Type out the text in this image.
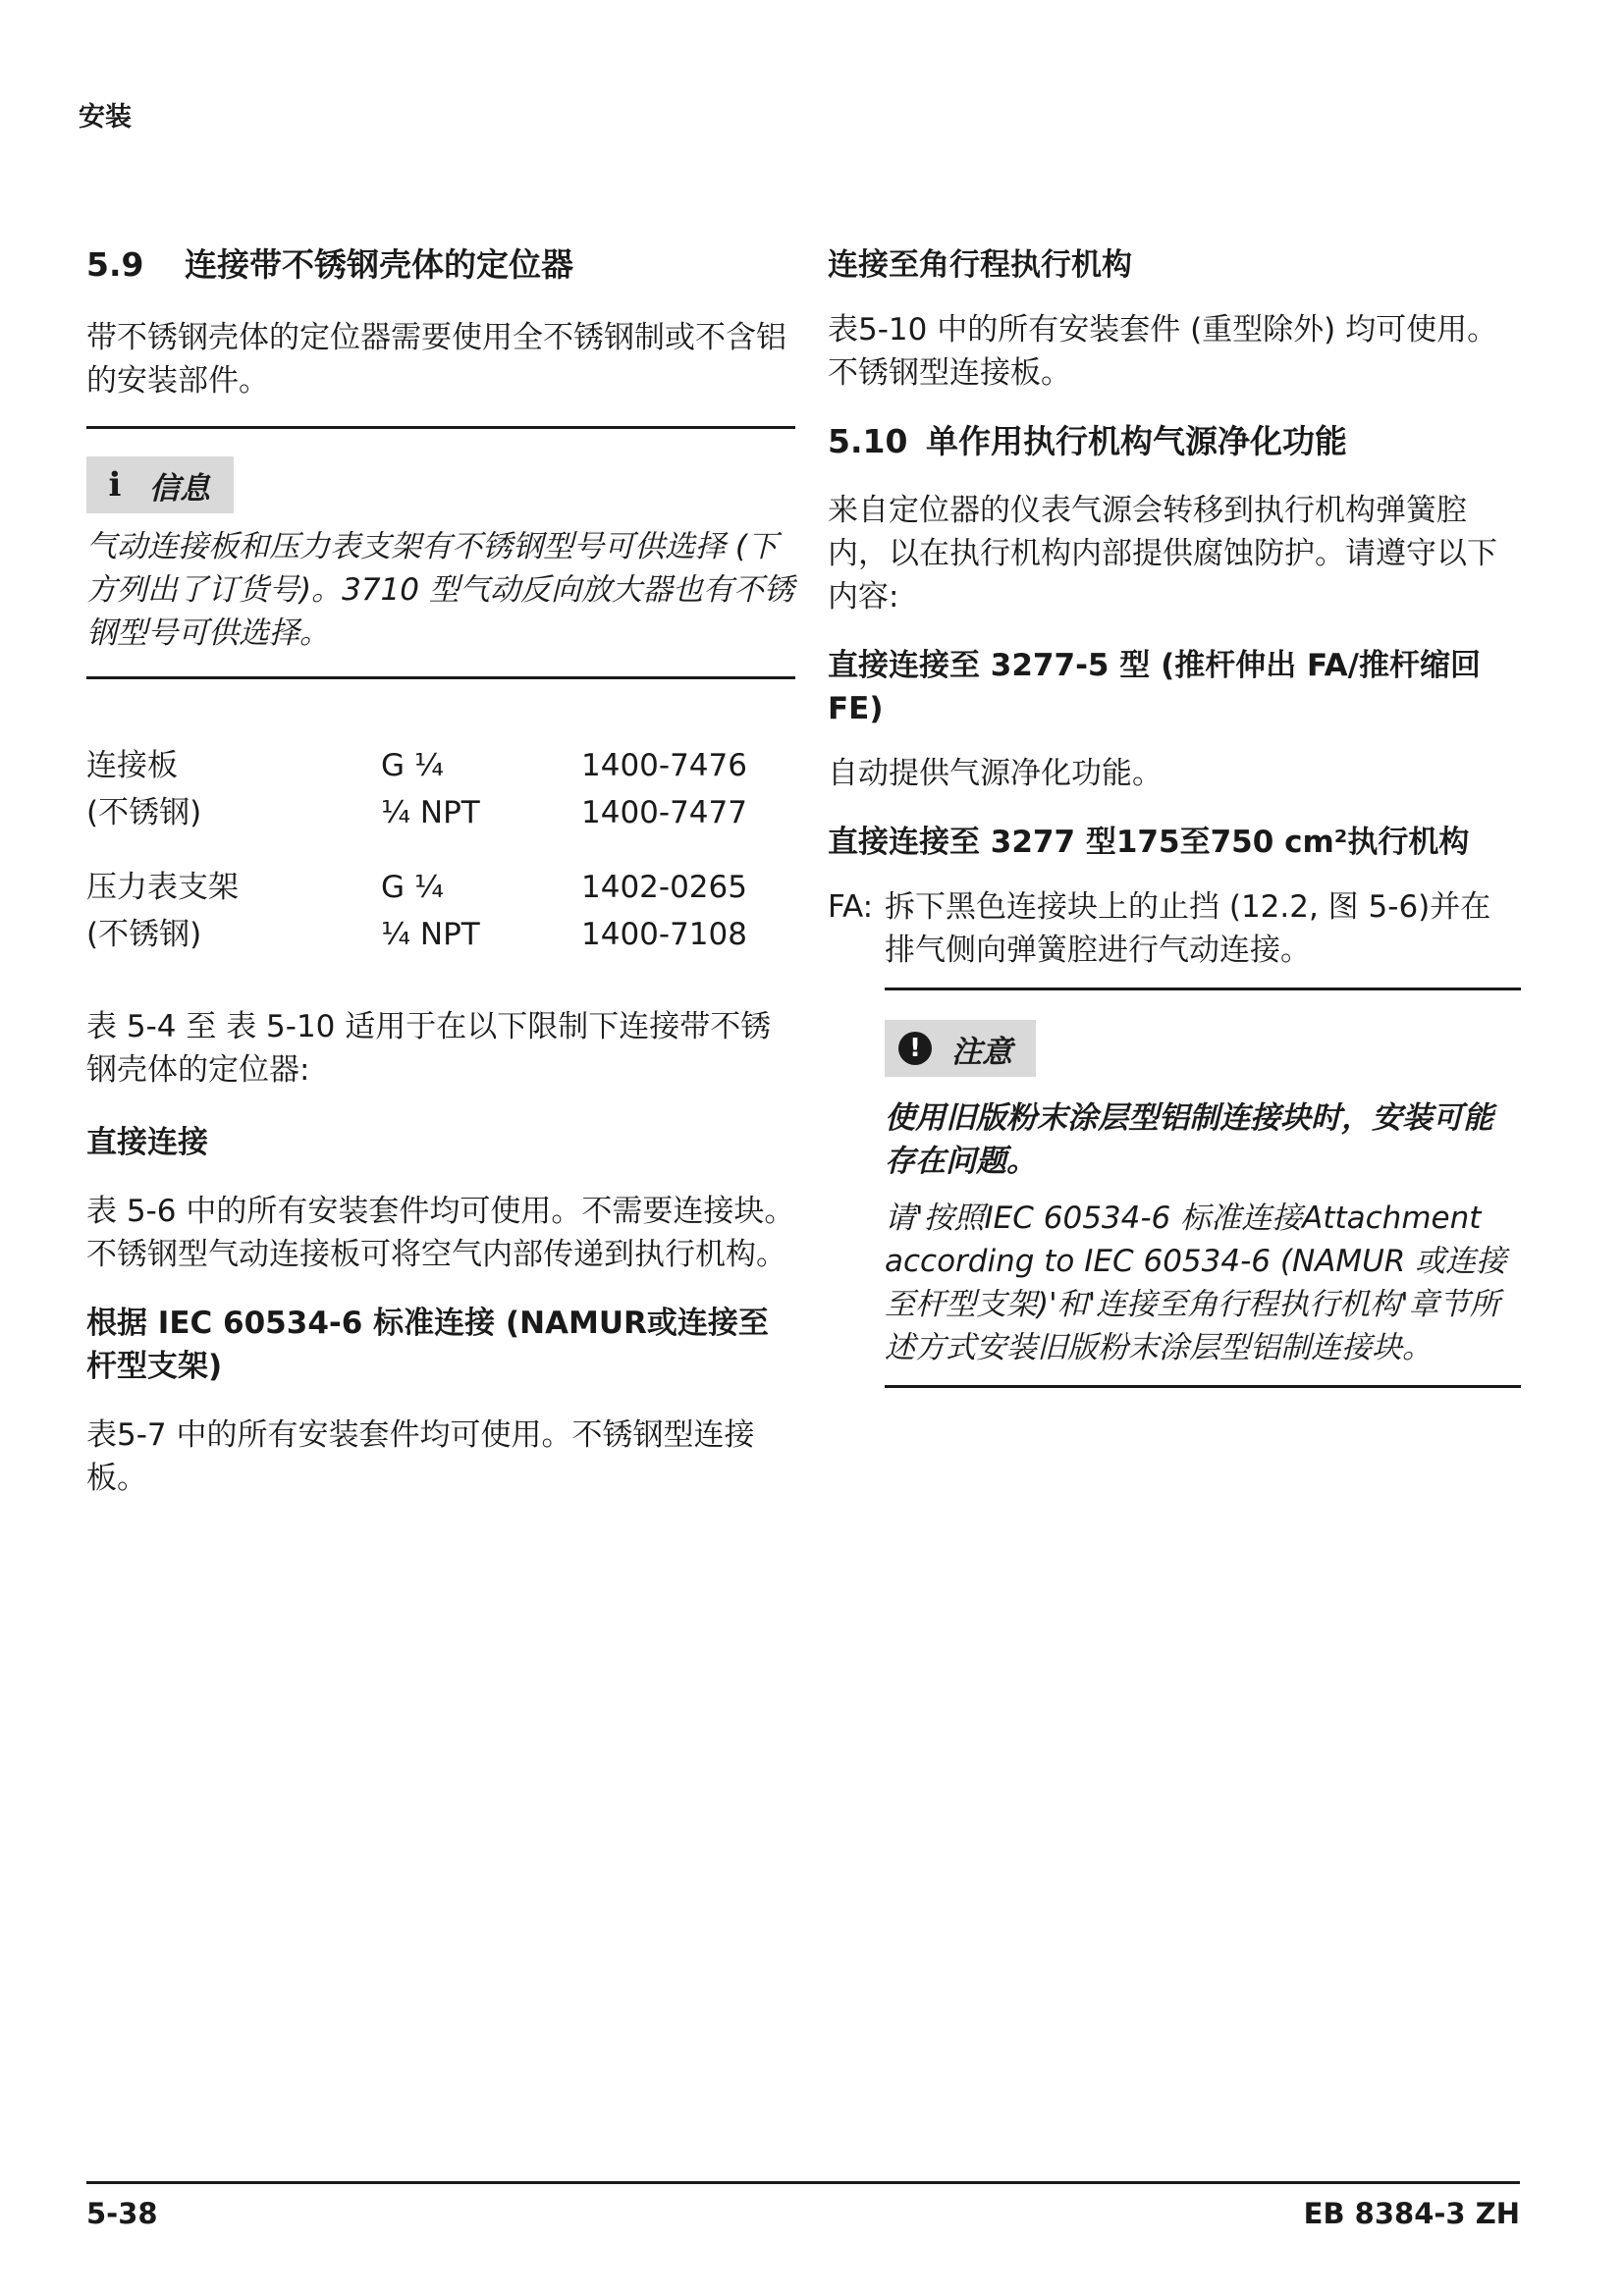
安装

5.9 连接带不锈钢壳体的定位器

带不锈钢壳体的定位器需要使用全不锈钢制或不含铝的安装部件。

i 信息

气动连接板和压力表支架有不锈钢型号可供选择 (下方列出了订货号)。3710 型气动反向放大器也有不锈钢型号可供选择。

连接板	G ¼	1400-7476
(不锈钢)	¼ NPT	1400-7477
压力表支架	G ¼	1402-0265
(不锈钢)	¼ NPT	1400-7108

表 5-4 至 表 5-10 适用于在以下限制下连接带不锈钢壳体的定位器:

直接连接

表 5-6 中的所有安装套件均可使用。不需要连接块。不锈钢型气动连接板可将空气内部传递到执行机构。

根据 IEC 60534-6 标准连接 (NAMUR或连接至杆型支架)

表5-7 中的所有安装套件均可使用。不锈钢型连接板。

连接至角行程执行机构

表5-10 中的所有安装套件 (重型除外) 均可使用。不锈钢型连接板。

5.10 单作用执行机构气源净化功能

来自定位器的仪表气源会转移到执行机构弹簧腔内，以在执行机构内部提供腐蚀防护。请遵守以下内容:

直接连接至 3277-5 型 (推杆伸出 FA/推杆缩回 FE)

自动提供气源净化功能。

直接连接至 3277 型175至750 cm²执行机构

FA: 拆下黑色连接块上的止挡 (12.2, 图 5-6)并在排气侧向弹簧腔进行气动连接。
!	注意

使用旧版粉末涂层型铝制连接块时，安装可能存在问题。

请'按照IEC 60534-6 标准连接Attachment according to IEC 60534-6 (NAMUR 或连接至杆型支架)'和'连接至角行程执行机构'章节所述方式安装旧版粉末涂层型铝制连接块。

5-38	EB 8384-3 ZH
